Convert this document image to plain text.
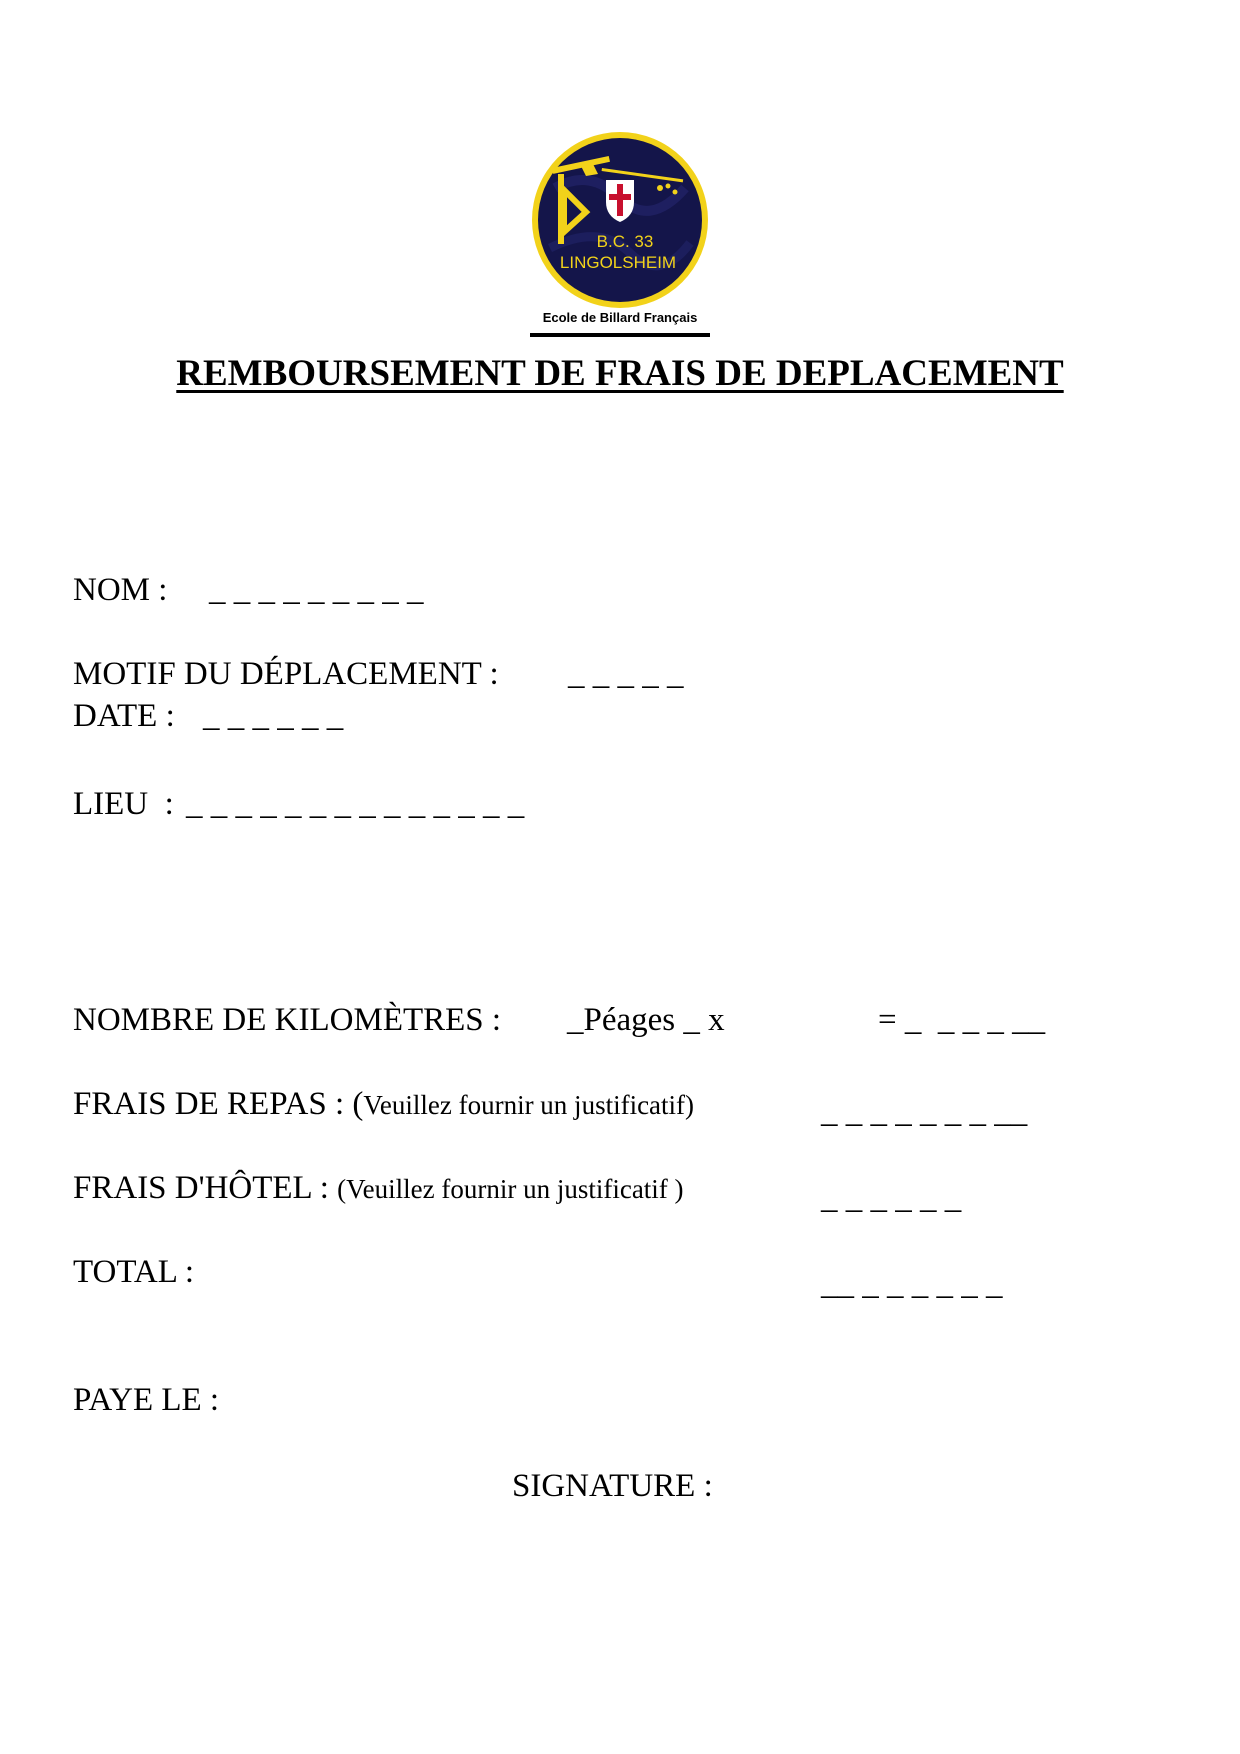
B.C. 33
LINGOLSHEIM
Ecole de Billard Français
REMBOURSEMENT DE FRAIS DE DEPLACEMENT
NOM : _ _ _ _ _ _ _ _ _
MOTIF DU DÉPLACEMENT : _ _ _ _ _
DATE : _ _ _ _ _ _
LIEU  : _ _ _ _ _ _ _ _ _ _ _ _ _ _
NOMBRE DE KILOMÈTRES : _Péages _ x	= _  _ _ _ __
FRAIS DE REPAS : (Veuillez fournir un justificatif)	_ _ _ _ _ _ _ __
FRAIS D'HÔTEL : (Veuillez fournir un justificatif )	_ _ _ _ _ _
TOTAL :	__ _ _ _ _ _ _
PAYE LE :
SIGNATURE :
